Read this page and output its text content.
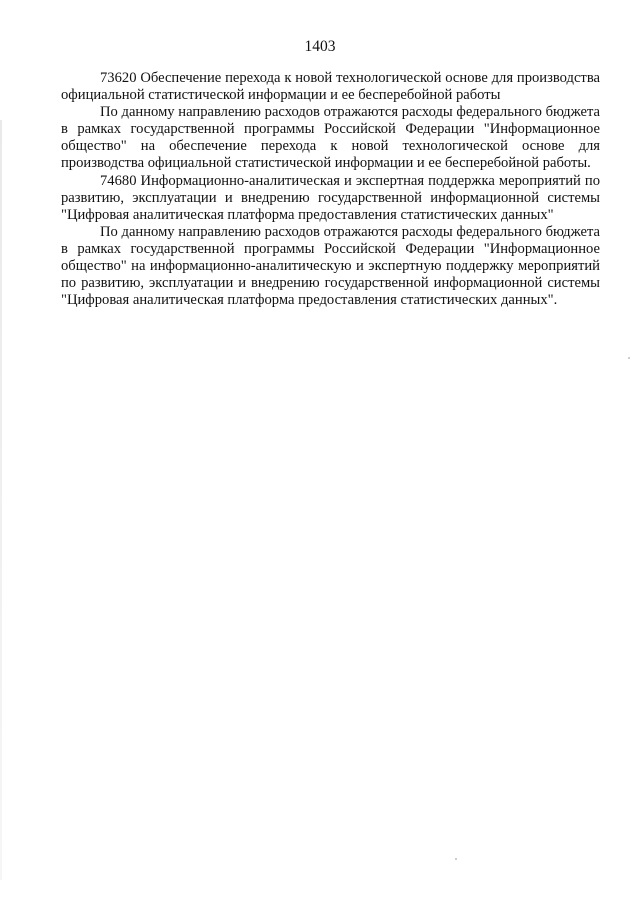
1403

73620 Обеспечение перехода к новой технологической основе для производства официальной статистической информации и ее бесперебойной работы

По данному направлению расходов отражаются расходы федерального бюджета в рамках государственной программы Российской Федерации "Информационное общество" на обеспечение перехода к новой технологической основе для производства официальной статистической информации и ее бесперебойной работы.

74680 Информационно-аналитическая и экспертная поддержка мероприятий по развитию, эксплуатации и внедрению государственной информационной системы "Цифровая аналитическая платформа предоставления статистических данных"

По данному направлению расходов отражаются расходы федерального бюджета в рамках государственной программы Российской Федерации "Информационное общество" на информационно-аналитическую и экспертную поддержку мероприятий по развитию, эксплуатации и внедрению государственной информационной системы "Цифровая аналитическая платформа предоставления статистических данных".
